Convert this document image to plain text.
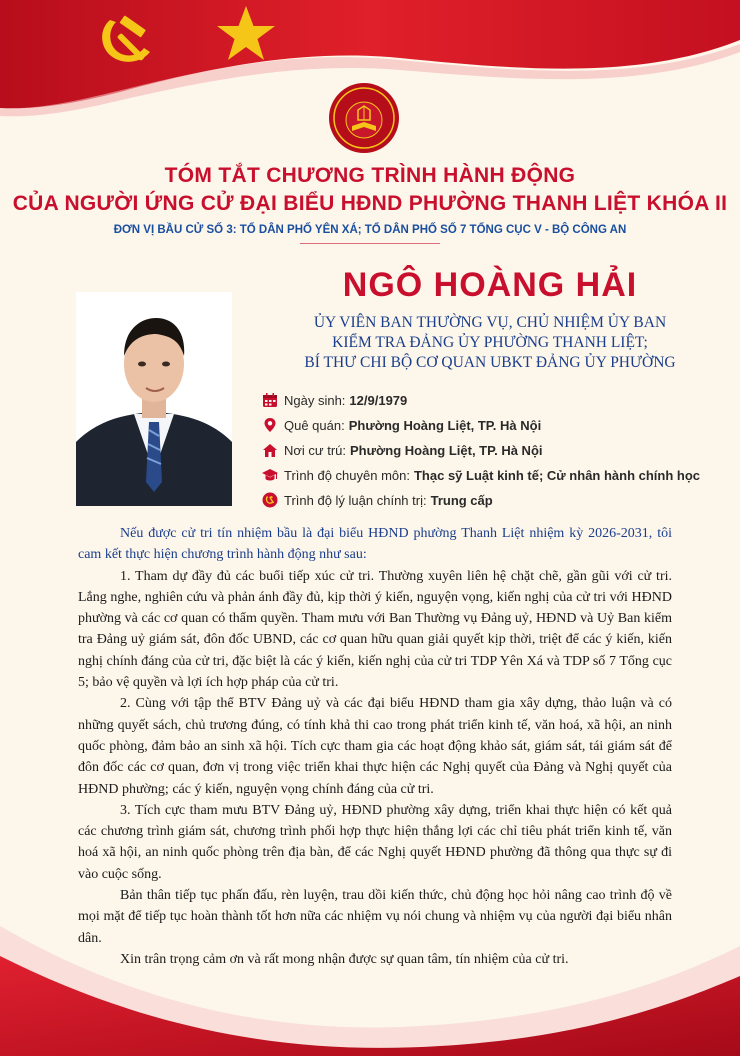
TÓM TẮT CHƯƠNG TRÌNH HÀNH ĐỘNG
CỦA NGƯỜI ỨNG CỬ ĐẠI BIỂU HĐND PHƯỜNG THANH LIỆT KHÓA II
ĐƠN VỊ BẦU CỬ SỐ 3: TỔ DÂN PHỐ YÊN XÁ; TỔ DÂN PHỐ SỐ 7 TỔNG CỤC V - BỘ CÔNG AN
NGÔ HOÀNG HẢI
ỦY VIÊN BAN THƯỜNG VỤ, CHỦ NHIỆM ỦY BAN
KIỂM TRA ĐẢNG ỦY PHƯỜNG THANH LIỆT;
BÍ THƯ CHI BỘ CƠ QUAN UBKT ĐẢNG ỦY PHƯỜNG
Ngày sinh: 12/9/1979
Quê quán: Phường Hoàng Liệt, TP. Hà Nội
Nơi cư trú: Phường Hoàng Liệt, TP. Hà Nội
Trình độ chuyên môn: Thạc sỹ Luật kinh tế; Cử nhân hành chính học
Trình độ lý luận chính trị: Trung cấp

Nếu được cử tri tín nhiệm bầu là đại biểu HĐND phường Thanh Liệt nhiệm kỳ 2026-2031, tôi cam kết thực hiện chương trình hành động như sau:

1. Tham dự đầy đủ các buổi tiếp xúc cử tri. Thường xuyên liên hệ chặt chẽ, gần gũi với cử tri. Lắng nghe, nghiên cứu và phản ánh đầy đủ, kịp thời ý kiến, nguyện vọng, kiến nghị của cử tri với HĐND phường và các cơ quan có thẩm quyền. Tham mưu với Ban Thường vụ Đảng uỷ, HĐND và Uỷ Ban kiểm tra Đảng uỷ giám sát, đôn đốc UBND, các cơ quan hữu quan giải quyết kịp thời, triệt để các ý kiến, kiến nghị chính đáng của cử tri, đặc biệt là các ý kiến, kiến nghị của cử tri TDP Yên Xá và TDP số 7 Tổng cục 5; bảo vệ quyền và lợi ích hợp pháp của cử tri.

2. Cùng với tập thể BTV Đảng uỷ và các đại biểu HĐND tham gia xây dựng, thảo luận và có những quyết sách, chủ trương đúng, có tính khả thi cao trong phát triển kinh tế, văn hoá, xã hội, an ninh quốc phòng, đảm bảo an sinh xã hội. Tích cực tham gia các hoạt động khảo sát, giám sát, tái giám sát để đôn đốc các cơ quan, đơn vị trong việc triển khai thực hiện các Nghị quyết của Đảng và Nghị quyết của HĐND phường; các ý kiến, nguyện vọng chính đáng của cử tri.

3. Tích cực tham mưu BTV Đảng uỷ, HĐND phường xây dựng, triển khai thực hiện có kết quả các chương trình giám sát, chương trình phối hợp thực hiện thắng lợi các chỉ tiêu phát triển kinh tế, văn hoá xã hội, an ninh quốc phòng trên địa bàn, để các Nghị quyết HĐND phường đã thông qua thực sự đi vào cuộc sống.

Bản thân tiếp tục phấn đấu, rèn luyện, trau dồi kiến thức, chủ động học hỏi nâng cao trình độ về mọi mặt để tiếp tục hoàn thành tốt hơn nữa các nhiệm vụ nói chung và nhiệm vụ của người đại biểu nhân dân.

Xin trân trọng cảm ơn và rất mong nhận được sự quan tâm, tín nhiệm của cử tri.
